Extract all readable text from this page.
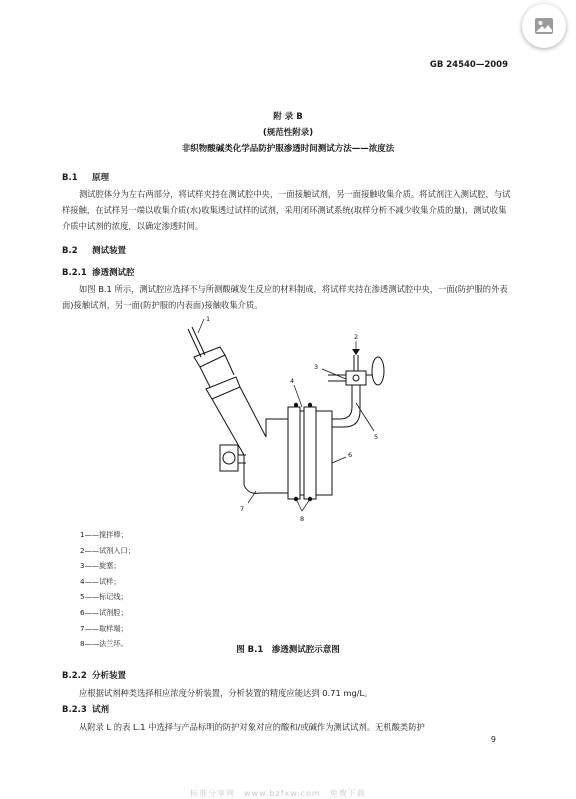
GB 24540—2009
附 录 B
(规范性附录)
非织物酸碱类化学品防护服渗透时间测试方法——浓度法
B.1 原理

测试腔体分为左右两部分，将试样夹持在测试腔中央，一面接触试剂，另一面接触收集介质。将试剂注入测试腔，与试样接触，在试样另一端以收集介质(水)收集透过试样的试剂，采用闭环测试系统(取样分析不减少收集介质的量)，测试收集介质中试剂的浓度，以确定渗透时间。

B.2 测试装置
B.2.1 渗透测试腔

如图 B.1 所示，测试腔应选择不与所测酸碱发生反应的材料制成，将试样夹持在渗透测试腔中央，一面(防护服的外表面)接触试剂，另一面(防护服的内表面)接触收集介质。

1
2
3
4
5
6
7
8
1——搅拌棒；
2——试剂入口；
3——旋塞；
4——试样；
5——标记线；
6——试剂腔；
7——取样端；
8——法兰环。
图 B.1　渗透测试腔示意图
B.2.2 分析装置

应根据试剂种类选择相应浓度分析装置，分析装置的精度应能达到 0.71 mg/L。

B.2.3 试剂

从附录 L 的表 L.1 中选择与产品标明的防护对象对应的酸和/或碱作为测试试剂。无机酸类防护

9
标准分享网　www.bzfxw.com　免费下载
